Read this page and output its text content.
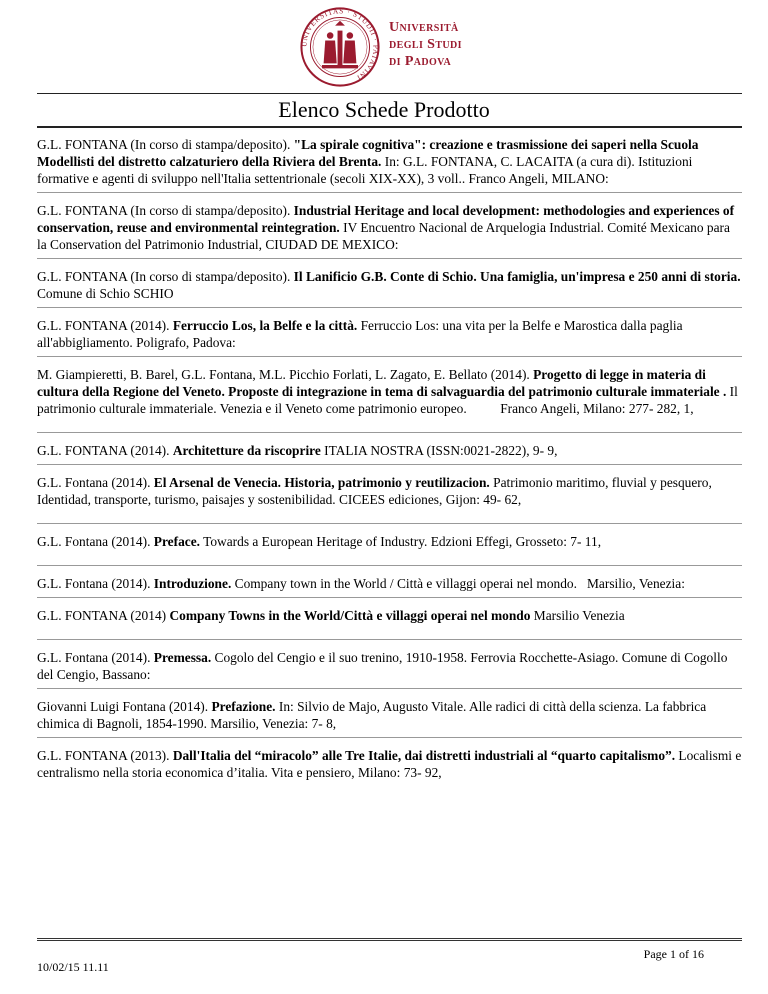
UNIVERSITAS · STUDII · PATAVINI
Università
degli Studi
di Padova
Elenco Schede Prodotto
G.L. FONTANA (In corso di stampa/deposito). "La spirale cognitiva": creazione e trasmissione dei saperi nella Scuola Modellisti del distretto calzaturiero della Riviera del Brenta. In: G.L. FONTANA, C. LACAITA (a cura di). Istituzioni formative e agenti di sviluppo nell'Italia settentrionale (secoli XIX-XX), 3 voll.. Franco Angeli, MILANO:
G.L. FONTANA (In corso di stampa/deposito). Industrial Heritage and local development: methodologies and experiences of conservation, reuse and environmental reintegration. IV Encuentro Nacional de Arquelogia Industrial. Comité Mexicano para la Conservation del Patrimonio Industrial, CIUDAD DE MEXICO:
G.L. FONTANA (In corso di stampa/deposito). Il Lanificio G.B. Conte di Schio. Una famiglia, un'impresa e 250 anni di storia. Comune di Schio SCHIO
G.L. FONTANA (2014). Ferruccio Los, la Belfe e la città. Ferruccio Los: una vita per la Belfe e Marostica dalla paglia all'abbigliamento. Poligrafo, Padova:
M. Giampieretti, B. Barel, G.L. Fontana, M.L. Picchio Forlati, L. Zagato, E. Bellato (2014). Progetto di legge in materia di cultura della Regione del Veneto. Proposte di integrazione in tema di salvaguardia del patrimonio culturale immateriale . Il patrimonio culturale immateriale. Venezia e il Veneto come patrimonio europeo.          Franco Angeli, Milano: 277- 282, 1,
G.L. FONTANA (2014). Architetture da riscoprire ITALIA NOSTRA (ISSN:0021-2822), 9- 9,
G.L. Fontana (2014). El Arsenal de Venecia. Historia, patrimonio y reutilizacion. Patrimonio maritimo, fluvial y pesquero, Identidad, transporte, turismo, paisajes y sostenibilidad. CICEES ediciones, Gijon: 49- 62,
G.L. Fontana (2014). Preface. Towards a European Heritage of Industry. Edzioni Effegi, Grosseto: 7- 11,
G.L. Fontana (2014). Introduzione. Company town in the World / Città e villaggi operai nel mondo.   Marsilio, Venezia:
G.L. FONTANA (2014) Company Towns in the World/Città e villaggi operai nel mondo Marsilio Venezia
G.L. Fontana (2014). Premessa. Cogolo del Cengio e il suo trenino, 1910-1958. Ferrovia Rocchette-Asiago. Comune di Cogollo del Cengio, Bassano:
Giovanni Luigi Fontana (2014). Prefazione. In: Silvio de Majo, Augusto Vitale. Alle radici di città della scienza. La fabbrica chimica di Bagnoli, 1854-1990. Marsilio, Venezia: 7- 8,
G.L. FONTANA (2013). Dall'Italia del “miracolo” alle Tre Italie, dai distretti industriali al “quarto capitalismo”. Localismi e centralismo nella storia economica d’italia. Vita e pensiero, Milano: 73- 92,
10/02/15 11.11
Page 1 of 16
